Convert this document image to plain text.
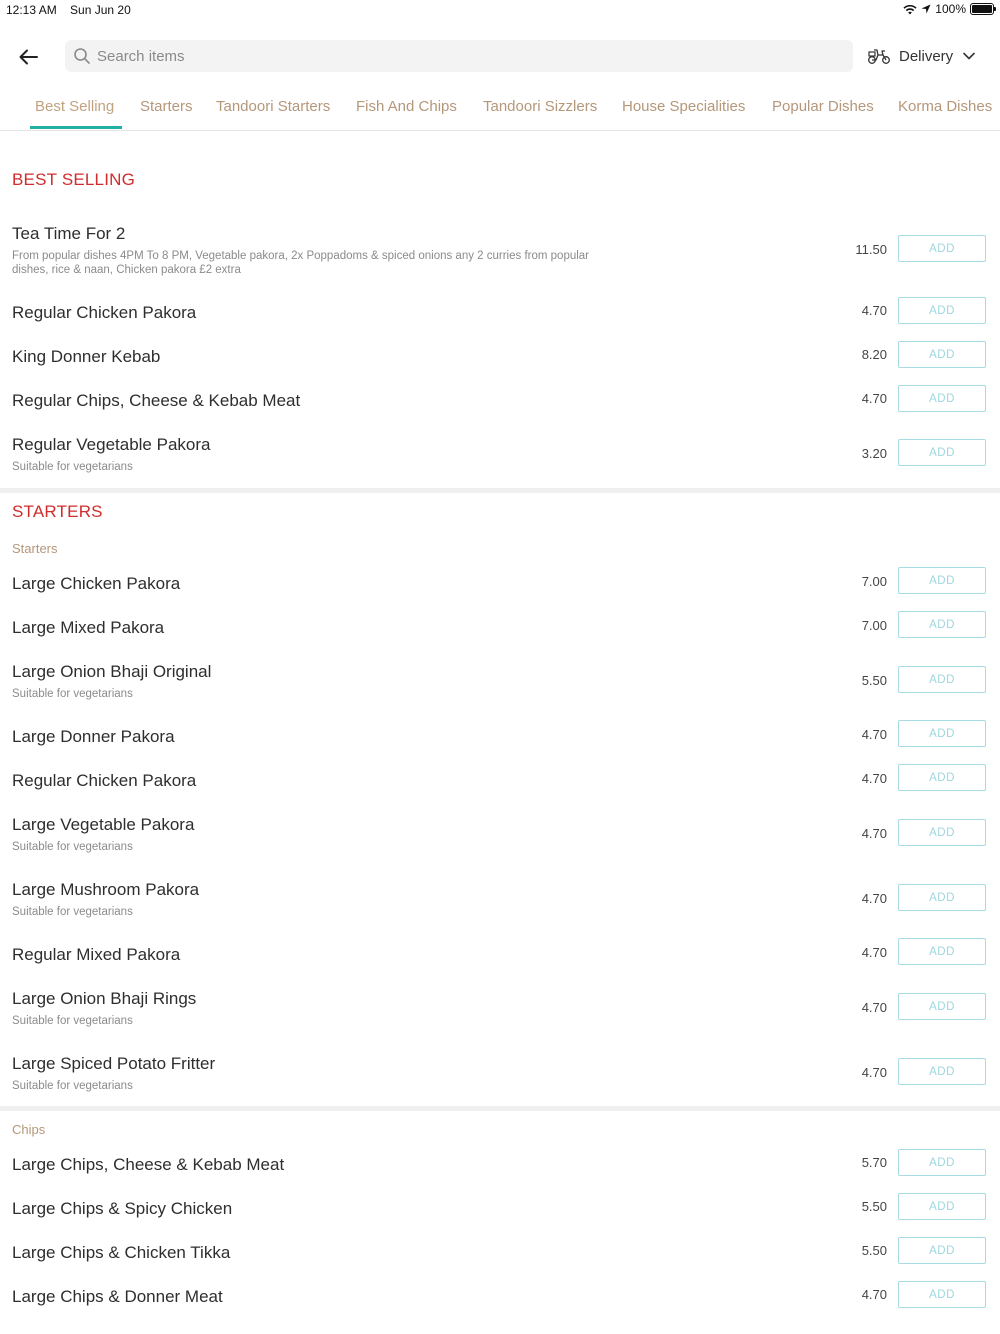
12:13 AM Sun Jun 20	100%
Search items
Delivery
Best Selling Starters Tandoori Starters Fish And Chips Tandoori Sizzlers House Specialities Popular Dishes Korma Dishes
BEST SELLING
Tea Time For 2
From popular dishes 4PM To 8 PM, Vegetable pakora, 2x Poppadoms & spiced onions any 2 curries from popular dishes, rice & naan, Chicken pakora £2 extra
11.50	ADD
Regular Chicken Pakora	4.70	ADD
King Donner Kebab	8.20	ADD
Regular Chips, Cheese & Kebab Meat	4.70	ADD
Regular Vegetable Pakora
Suitable for vegetarians
3.20	ADD
STARTERS
Starters
Large Chicken Pakora	7.00	ADD
Large Mixed Pakora	7.00	ADD
Large Onion Bhaji Original
Suitable for vegetarians
5.50	ADD
Large Donner Pakora	4.70	ADD
Regular Chicken Pakora	4.70	ADD
Large Vegetable Pakora
Suitable for vegetarians
4.70	ADD
Large Mushroom Pakora
Suitable for vegetarians
4.70	ADD
Regular Mixed Pakora	4.70	ADD
Large Onion Bhaji Rings
Suitable for vegetarians
4.70	ADD
Large Spiced Potato Fritter
Suitable for vegetarians
4.70	ADD
Chips
Large Chips, Cheese & Kebab Meat	5.70	ADD
Large Chips & Spicy Chicken	5.50	ADD
Large Chips & Chicken Tikka	5.50	ADD
Large Chips & Donner Meat	4.70	ADD
